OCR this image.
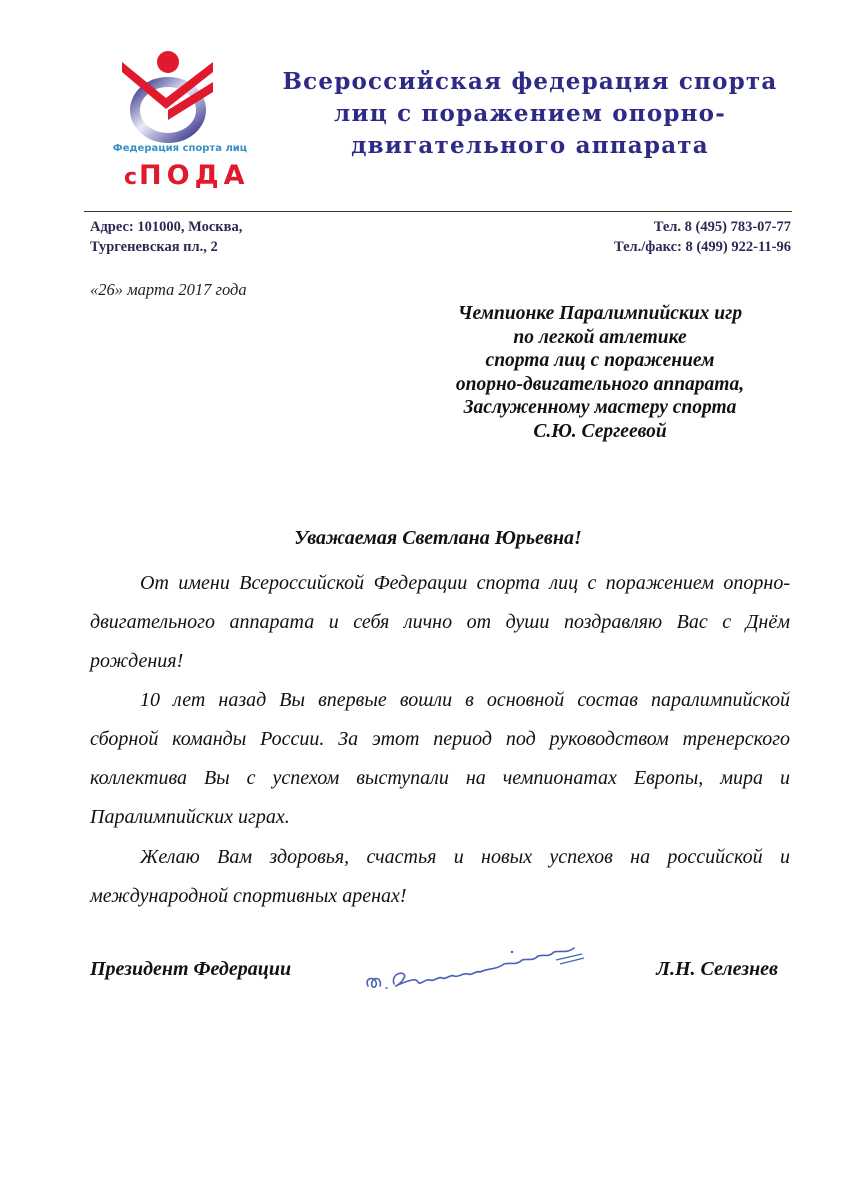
Федерация спорта лиц
сПОДА
Всероссийская федерация спорта
лиц с поражением опорно-
двигательного аппарата
Адрес: 101000, Москва,
Тургеневская пл., 2
Тел. 8 (495) 783-07-77
Тел./факс: 8 (499) 922-11-96
«26» марта 2017 года
Чемпионке Паралимпийских игр
по легкой атлетике
спорта лиц с поражением
опорно-двигательного аппарата,
Заслуженному мастеру спорта
С.Ю. Сергеевой
Уважаемая Светлана Юрьевна!

От имени Всероссийской Федерации спорта лиц с поражением опорно-двигательного аппарата и себя лично от души поздравляю Вас с Днём рождения!

10 лет назад Вы впервые вошли в основной состав паралимпийской сборной команды России. За этот период под руководством тренерского коллектива Вы с успехом выступали на чемпионатах Европы, мира и Паралимпийских играх.

Желаю Вам здоровья, счастья и новых успехов на российской и международной спортивных аренах!

Президент Федерации	Л.Н. Селезнев
